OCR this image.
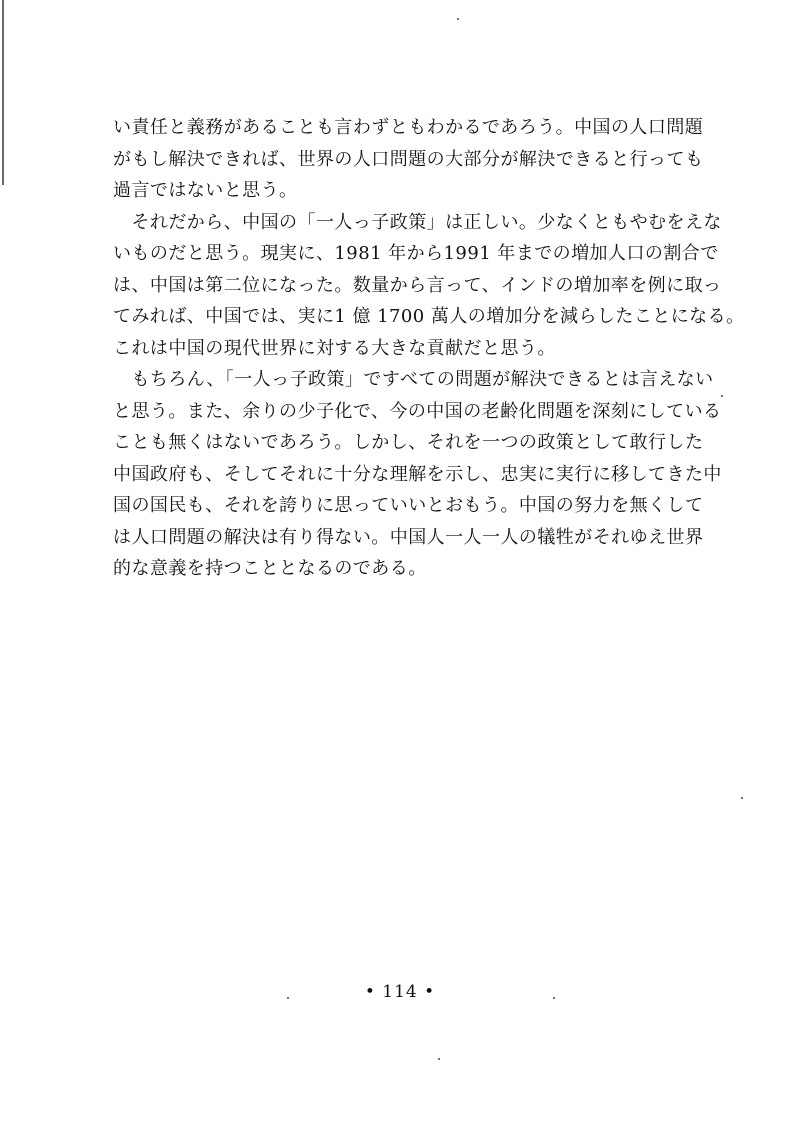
い責任と義務があることも言わずともわかるであろう。中国の人口問題
がもし解決できれば、世界の人口問題の大部分が解決できると行っても
過言ではないと思う。

　それだから、中国の「一人っ子政策」は正しい。少なくともやむをえな
いものだと思う。現実に、1981 年から1991 年までの増加人口の割合で
は、中国は第二位になった。数量から言って、インドの増加率を例に取っ
てみれば、中国では、実に1 億 1700 萬人の増加分を減らしたことになる。
これは中国の現代世界に対する大きな貢献だと思う。

　もちろん、「一人っ子政策」ですべての問題が解決できるとは言えない
と思う。また、余りの少子化で、今の中国の老齢化問題を深刻にしている
ことも無くはないであろう。しかし、それを一つの政策として敢行した
中国政府も、そしてそれに十分な理解を示し、忠実に実行に移してきた中
国の国民も、それを誇りに思っていいとおもう。中国の努力を無くして
は人口問題の解決は有り得ない。中国人一人一人の犠牲がそれゆえ世界
的な意義を持つこととなるのである。

• 114 •
